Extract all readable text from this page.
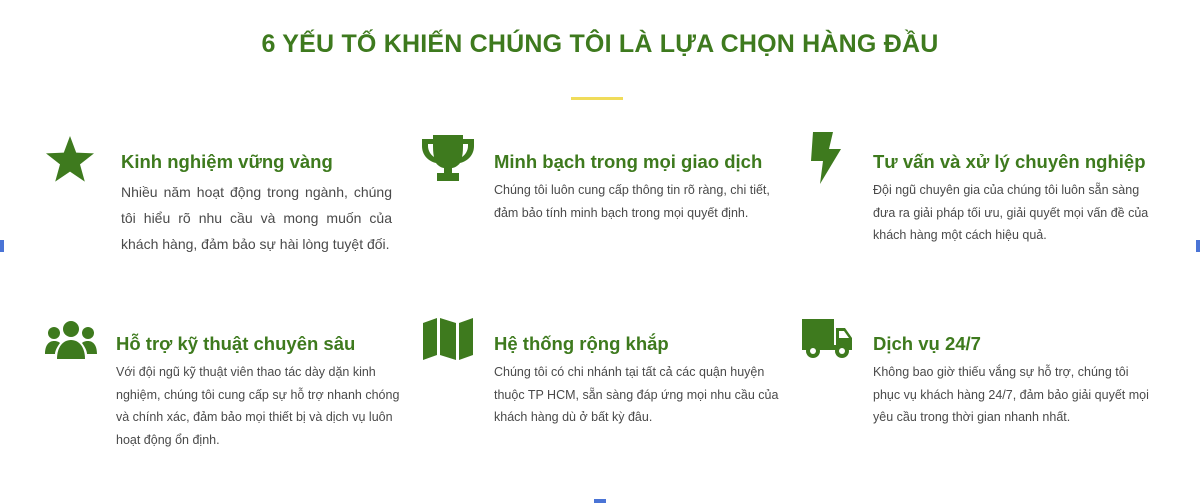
6 YẾU TỐ KHIẾN CHÚNG TÔI LÀ LỰA CHỌN HÀNG ĐẦU
Kinh nghiệm vững vàng

Nhiều năm hoạt động trong ngành, chúng tôi hiểu rõ nhu cầu và mong muốn của khách hàng, đảm bảo sự hài lòng tuyệt đối.

Minh bạch trong mọi giao dịch

Chúng tôi luôn cung cấp thông tin rõ ràng, chi tiết, đảm bảo tính minh bạch trong mọi quyết định.

Tư vấn và xử lý chuyên nghiệp

Đội ngũ chuyên gia của chúng tôi luôn sẵn sàng đưa ra giải pháp tối ưu, giải quyết mọi vấn đề của khách hàng một cách hiệu quả.

Hỗ trợ kỹ thuật chuyên sâu

Với đội ngũ kỹ thuật viên thao tác dày dặn kinh nghiệm, chúng tôi cung cấp sự hỗ trợ nhanh chóng và chính xác, đảm bảo mọi thiết bị và dịch vụ luôn hoạt động ổn định.

Hệ thống rộng khắp

Chúng tôi có chi nhánh tại tất cả các quận huyện thuộc TP HCM, sẵn sàng đáp ứng mọi nhu cầu của khách hàng dù ở bất kỳ đâu.

Dịch vụ 24/7

Không bao giờ thiếu vắng sự hỗ trợ, chúng tôi phục vụ khách hàng 24/7, đảm bảo giải quyết mọi yêu cầu trong thời gian nhanh nhất.
